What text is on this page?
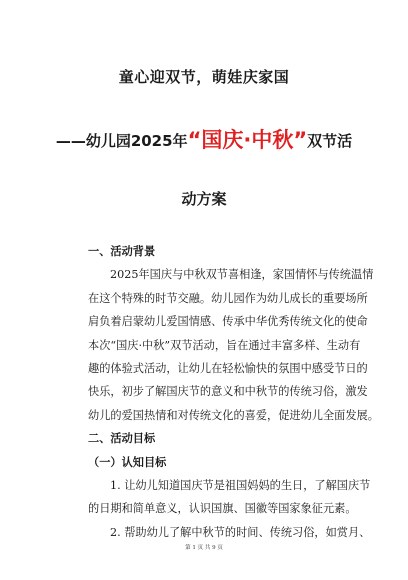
童心迎双节，萌娃庆家国
——幼儿园2025年“国庆·中秋”双节活
动方案
一、活动背景
2025年国庆与中秋双节喜相逢，家国情怀与传统温情
在这个特殊的时节交融。幼儿园作为幼儿成长的重要场所
肩负着启蒙幼儿爱国情感、传承中华优秀传统文化的使命
本次“国庆·中秋”双节活动，旨在通过丰富多样、生动有
趣的体验式活动，让幼儿在轻松愉快的氛围中感受节日的
快乐，初步了解国庆节的意义和中秋节的传统习俗，激发
幼儿的爱国热情和对传统文化的喜爱，促进幼儿全面发展。
二、活动目标
（一）认知目标
1. 让幼儿知道国庆节是祖国妈妈的生日，了解国庆节
的日期和简单意义，认识国旗、国徽等国家象征元素。
2. 帮助幼儿了解中秋节的时间、传统习俗，如赏月、
第 1 页 共 9 页
